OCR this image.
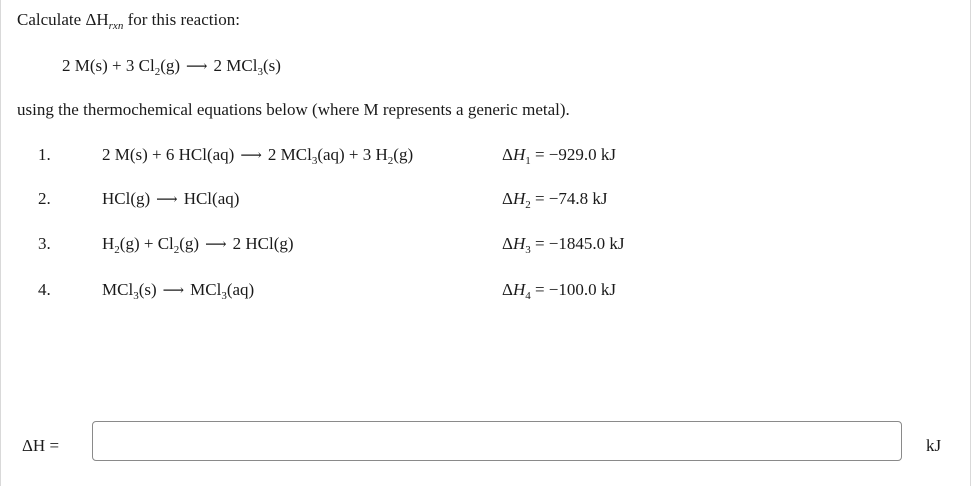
Calculate $\Delta H_{rxn}$ for this reaction:
2 M(s) + 3 $Cl_2(g)$ ⟶ 2 MCl$_3$(s)
using the thermochemical equations below (where M represents a generic metal).
1.	2 M(s) + 6 HCl(aq) ⟶ 2 MCl$_3$(aq) + 3 $H_2(g)$	$\Delta H_1 = -929.0$ kJ
2.	HCl(g) ⟶ HCl(aq)	$\Delta H_2 = -74.8$ kJ
3.	$H_2(g) + Cl_2(g)$ ⟶ 2 HCl(g)	$\Delta H_3 = -1845.0$ kJ
4.	MCl$_3$(s) ⟶ MCl$_3$(aq)	$\Delta H_4 = -100.0$ kJ
ΔH =	kJ
